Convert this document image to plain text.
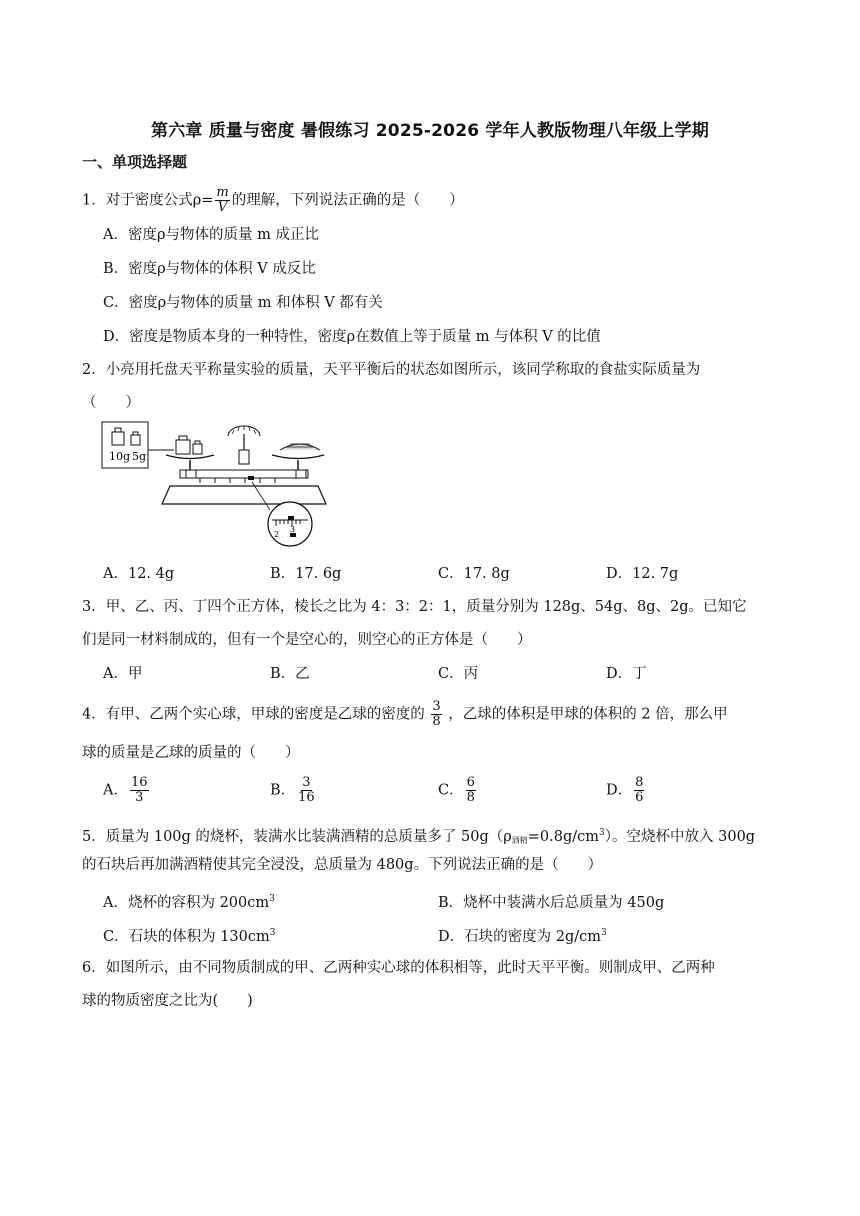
第六章 质量与密度 暑假练习 2025-2026 学年人教版物理八年级上学期
一、单项选择题
1．对于密度公式$\rho= \frac{m}{V}$ 的理解，下列说法正确的是（　　）
A．密度ρ与物体的质量 m 成正比
B．密度ρ与物体的体积 V 成反比
C．密度ρ与物体的质量 m 和体积 V 都有关
D．密度是物质本身的一种特性，密度ρ在数值上等于质量 m 与体积 V 的比值
2．小亮用托盘天平称量实验的质量，天平平衡后的状态如图所示，该同学称取的食盐实际质量为
（　　）
10g 5g
2
3
A．12. 4g	B．17. 6g	C．17. 8g	D．12. 7g
3．甲、乙、丙、丁四个正方体，棱长之比为 4：3：2：1，质量分别为 128g、54g、8g、2g。已知它
们是同一材料制成的，但有一个是空心的，则空心的正方体是（　　）
A．甲	B．乙	C．丙	D．丁
4．有甲、乙两个实心球，甲球的密度是乙球的密度的 $\frac{3}{8}$ ，乙球的体积是甲球的体积的 2 倍，那么甲
球的质量是乙球的质量的（　　）
A． $\frac{16}{3}$	B． $\frac{3}{16}$	C． $\frac{6}{8}$	D． $\frac{8}{6}$
5．质量为 100g 的烧杯，装满水比装满酒精的总质量多了 $50g(\rho_{酒精}=0.8g/cm^3)$。空烧杯中放入 300g
的石块后再加满酒精使其完全浸没，总质量为 480g。下列说法正确的是（　　）
A．烧杯的容积为 $200cm^3$	B．烧杯中装满水后总质量为 450g
C．石块的体积为 $130cm^3$	D．石块的密度为 $2g/cm^3$
6．如图所示，由不同物质制成的甲、乙两种实心球的体积相等，此时天平平衡。则制成甲、乙两种
球的物质密度之比为(　　)
